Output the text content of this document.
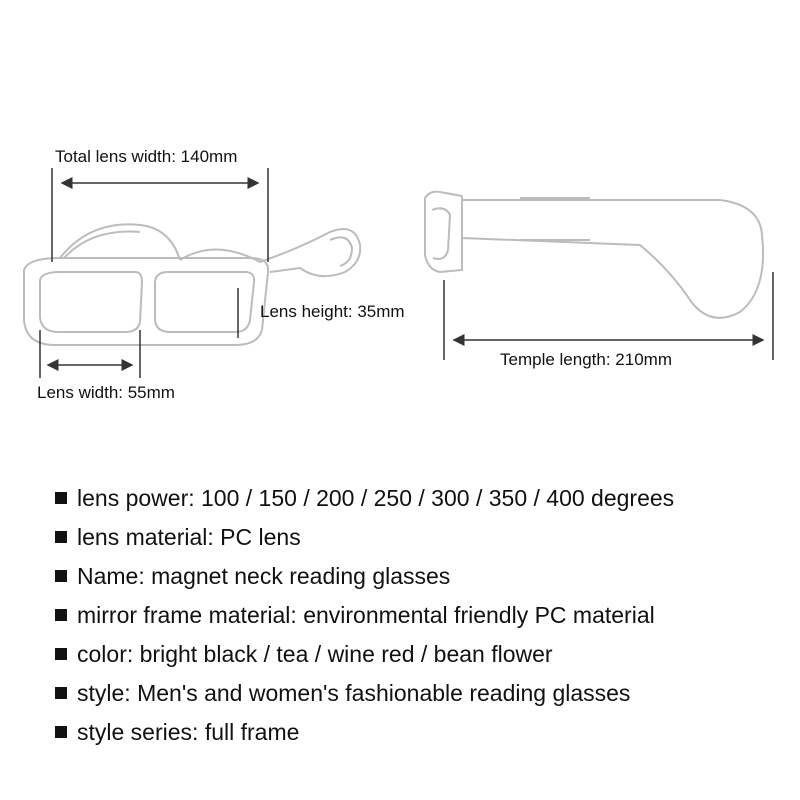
Total lens width: 140mm
Lens height: 35mm
Lens width: 55mm
Temple length: 210mm
lens power: 100 / 150 / 200 / 250 / 300 / 350 / 400 degrees
lens material: PC lens
Name: magnet neck reading glasses
mirror frame material: environmental friendly PC material
color: bright black / tea / wine red / bean flower
style: Men's and women's fashionable reading glasses
style series: full frame
